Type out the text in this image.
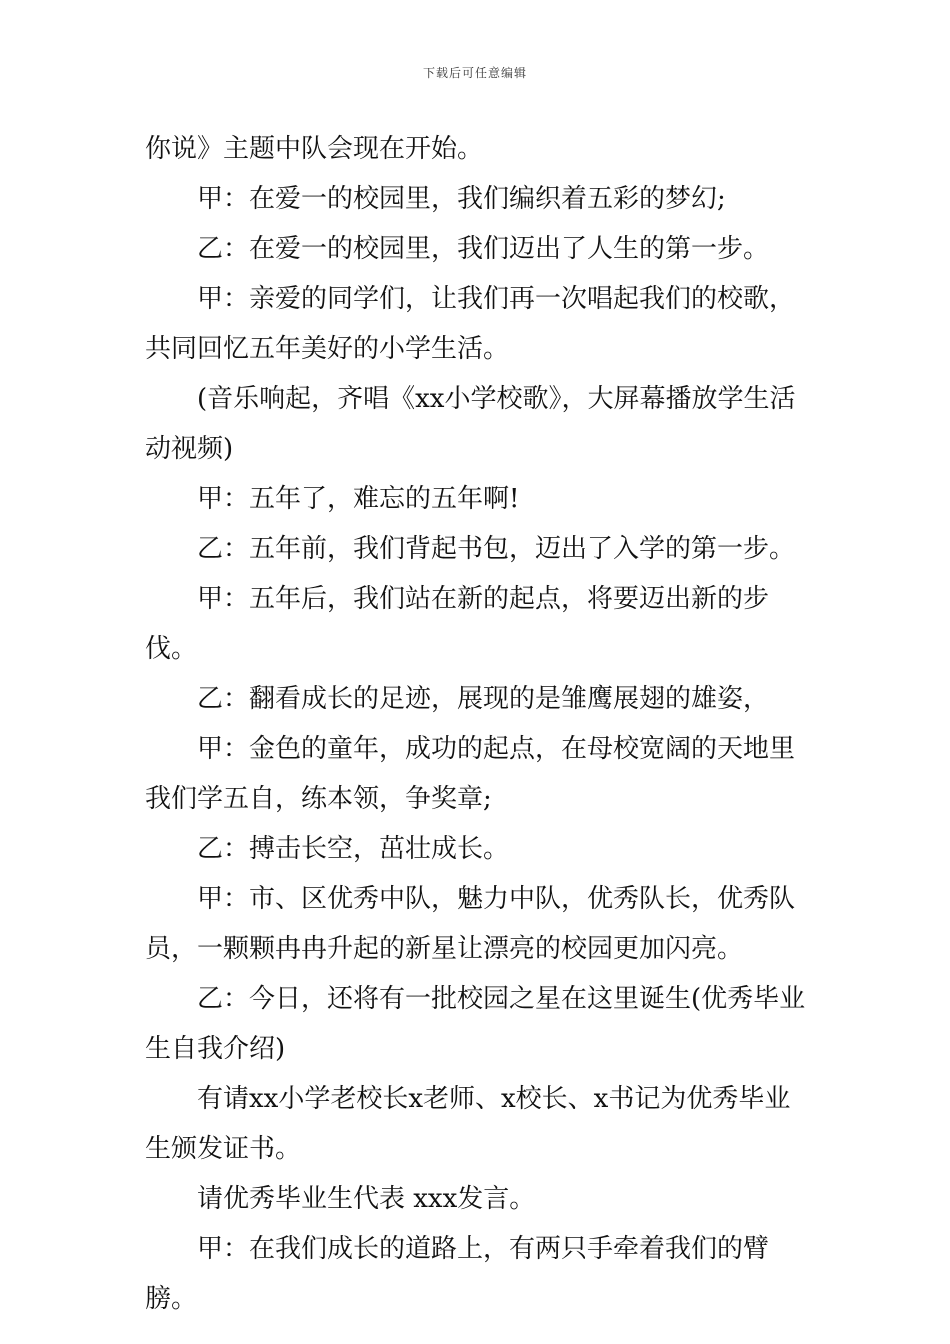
下载后可任意编辑

你说》主题中队会现在开始。

甲：在爱一的校园里，我们编织着五彩的梦幻;

乙：在爱一的校园里，我们迈出了人生的第一步。

甲：亲爱的同学们，让我们再一次唱起我们的校歌，共同回忆五年美好的小学生活。

(音乐响起，齐唱《xx小学校歌》，大屏幕播放学生活动视频)

甲：五年了，难忘的五年啊!

乙：五年前，我们背起书包，迈出了入学的第一步。

甲：五年后，我们站在新的起点，将要迈出新的步伐。

乙：翻看成长的足迹，展现的是雏鹰展翅的雄姿，

甲：金色的童年，成功的起点，在母校宽阔的天地里我们学五自，练本领，争奖章;

乙：搏击长空，茁壮成长。

甲：市、区优秀中队，魅力中队，优秀队长，优秀队员，一颗颗冉冉升起的新星让漂亮的校园更加闪亮。

乙：今日，还将有一批校园之星在这里诞生(优秀毕业生自我介绍)

有请xx小学老校长x老师、x校长、x书记为优秀毕业生颁发证书。

请优秀毕业生代表 xxx发言。

甲：在我们成长的道路上，有两只手牵着我们的臂膀。
